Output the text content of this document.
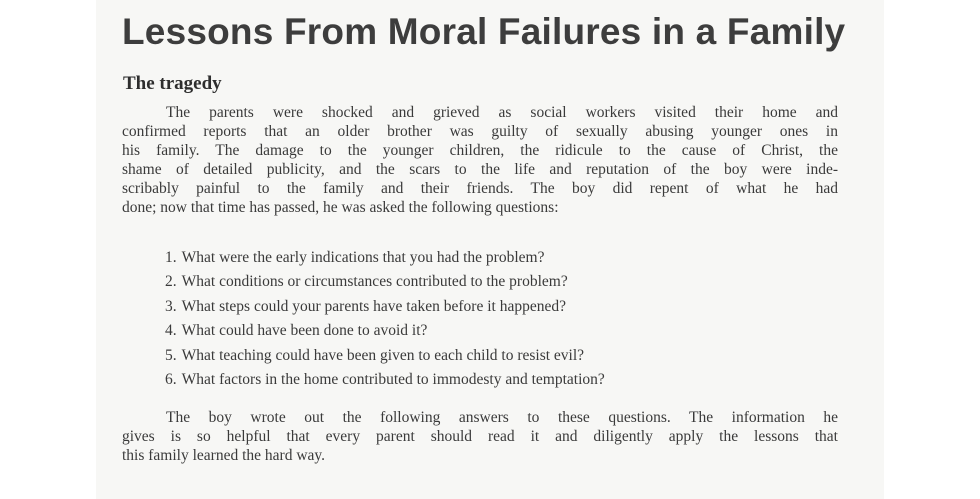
Lessons From Moral Failures in a Family
The tragedy
The parents were shocked and grieved as social workers visited their home and
confirmed reports that an older brother was guilty of sexually abusing younger ones in
his family. The damage to the younger children, the ridicule to the cause of Christ, the
shame of detailed publicity, and the scars to the life and reputation of the boy were inde-
scribably painful to the family and their friends. The boy did repent of what he had
done; now that time has passed, he was asked the following questions:
1. What were the early indications that you had the problem?
2. What conditions or circumstances contributed to the problem?
3. What steps could your parents have taken before it happened?
4. What could have been done to avoid it?
5. What teaching could have been given to each child to resist evil?
6. What factors in the home contributed to immodesty and temptation?
The boy wrote out the following answers to these questions. The information he
gives is so helpful that every parent should read it and diligently apply the lessons that
this family learned the hard way.
